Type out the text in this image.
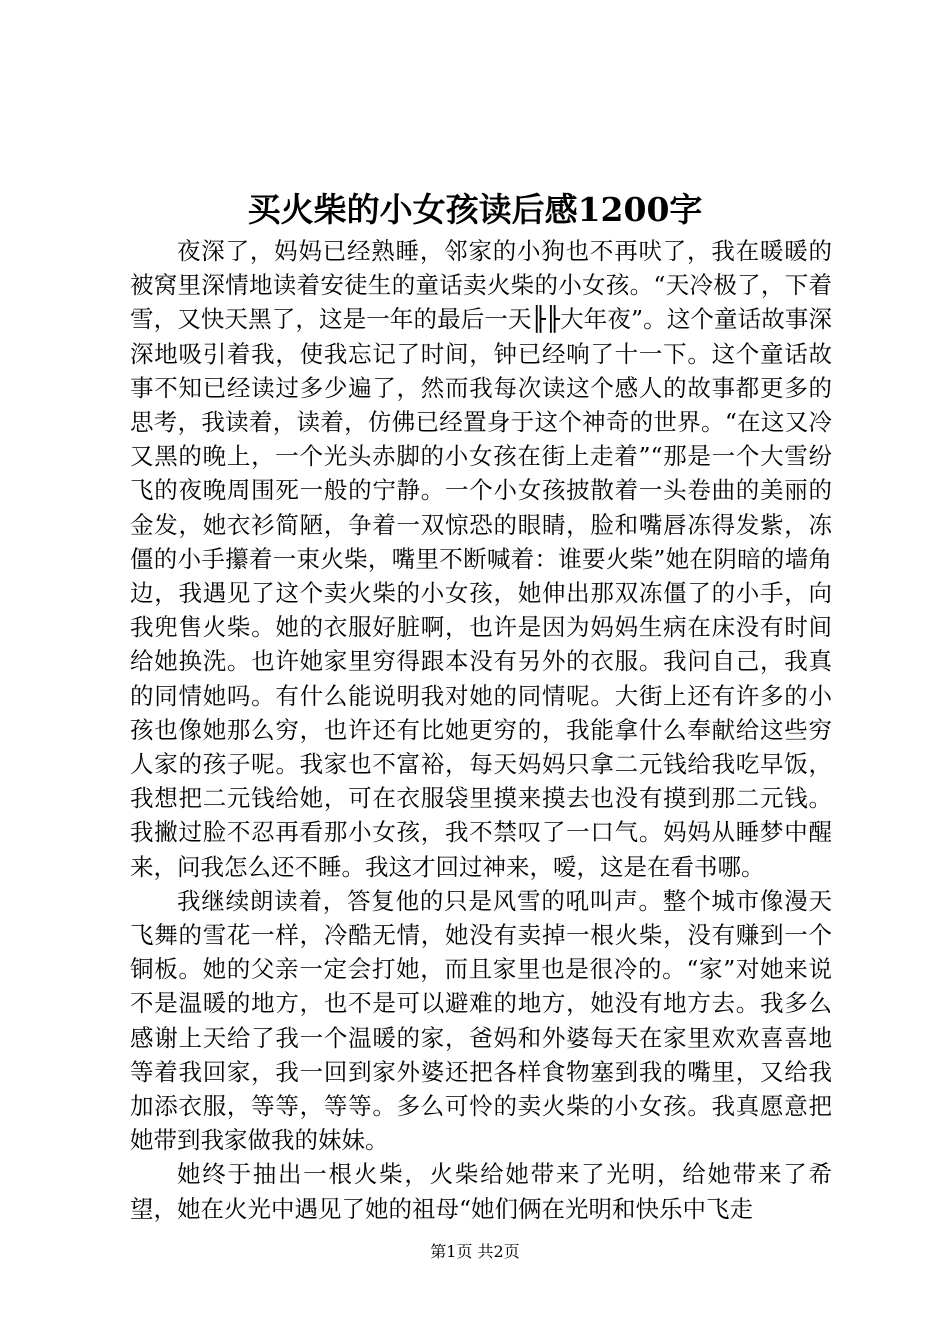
买火柴的小女孩读后感1200字

夜深了，妈妈已经熟睡，邻家的小狗也不再吠了，我在暖暖的被窝里深情地读着安徒生的童话卖火柴的小女孩。“天冷极了，下着雪，又快天黑了，这是一年的最后一天╟╟大年夜”。这个童话故事深深地吸引着我，使我忘记了时间，钟已经响了十一下。这个童话故事不知已经读过多少遍了，然而我每次读这个感人的故事都更多的思考，我读着，读着，仿佛已经置身于这个神奇的世界。“在这又冷又黑的晚上，一个光头赤脚的小女孩在街上走着”“那是一个大雪纷飞的夜晚周围死一般的宁静。一个小女孩披散着一头卷曲的美丽的金发，她衣衫简陋，争着一双惊恐的眼睛，脸和嘴唇冻得发紫，冻僵的小手攥着一束火柴，嘴里不断喊着：谁要火柴”她在阴暗的墙角边，我遇见了这个卖火柴的小女孩，她伸出那双冻僵了的小手，向我兜售火柴。她的衣服好脏啊，也许是因为妈妈生病在床没有时间给她换洗。也许她家里穷得跟本没有另外的衣服。我问自己，我真的同情她吗。有什么能说明我对她的同情呢。大街上还有许多的小孩也像她那么穷，也许还有比她更穷的，我能拿什么奉献给这些穷人家的孩子呢。我家也不富裕，每天妈妈只拿二元钱给我吃早饭，我想把二元钱给她，可在衣服袋里摸来摸去也没有摸到那二元钱。我撇过脸不忍再看那小女孩，我不禁叹了一口气。妈妈从睡梦中醒来，问我怎么还不睡。我这才回过神来，嗳，这是在看书哪。

我继续朗读着，答复他的只是风雪的吼叫声。整个城市像漫天飞舞的雪花一样，冷酷无情，她没有卖掉一根火柴，没有赚到一个铜板。她的父亲一定会打她，而且家里也是很冷的。“家”对她来说不是温暖的地方，也不是可以避难的地方，她没有地方去。我多么感谢上天给了我一个温暖的家，爸妈和外婆每天在家里欢欢喜喜地等着我回家，我一回到家外婆还把各样食物塞到我的嘴里，又给我加添衣服，等等，等等。多么可怜的卖火柴的小女孩。我真愿意把她带到我家做我的妹妹。

她终于抽出一根火柴，火柴给她带来了光明，给她带来了希望，她在火光中遇见了她的祖母“她们俩在光明和快乐中飞走

第1页 共2页
